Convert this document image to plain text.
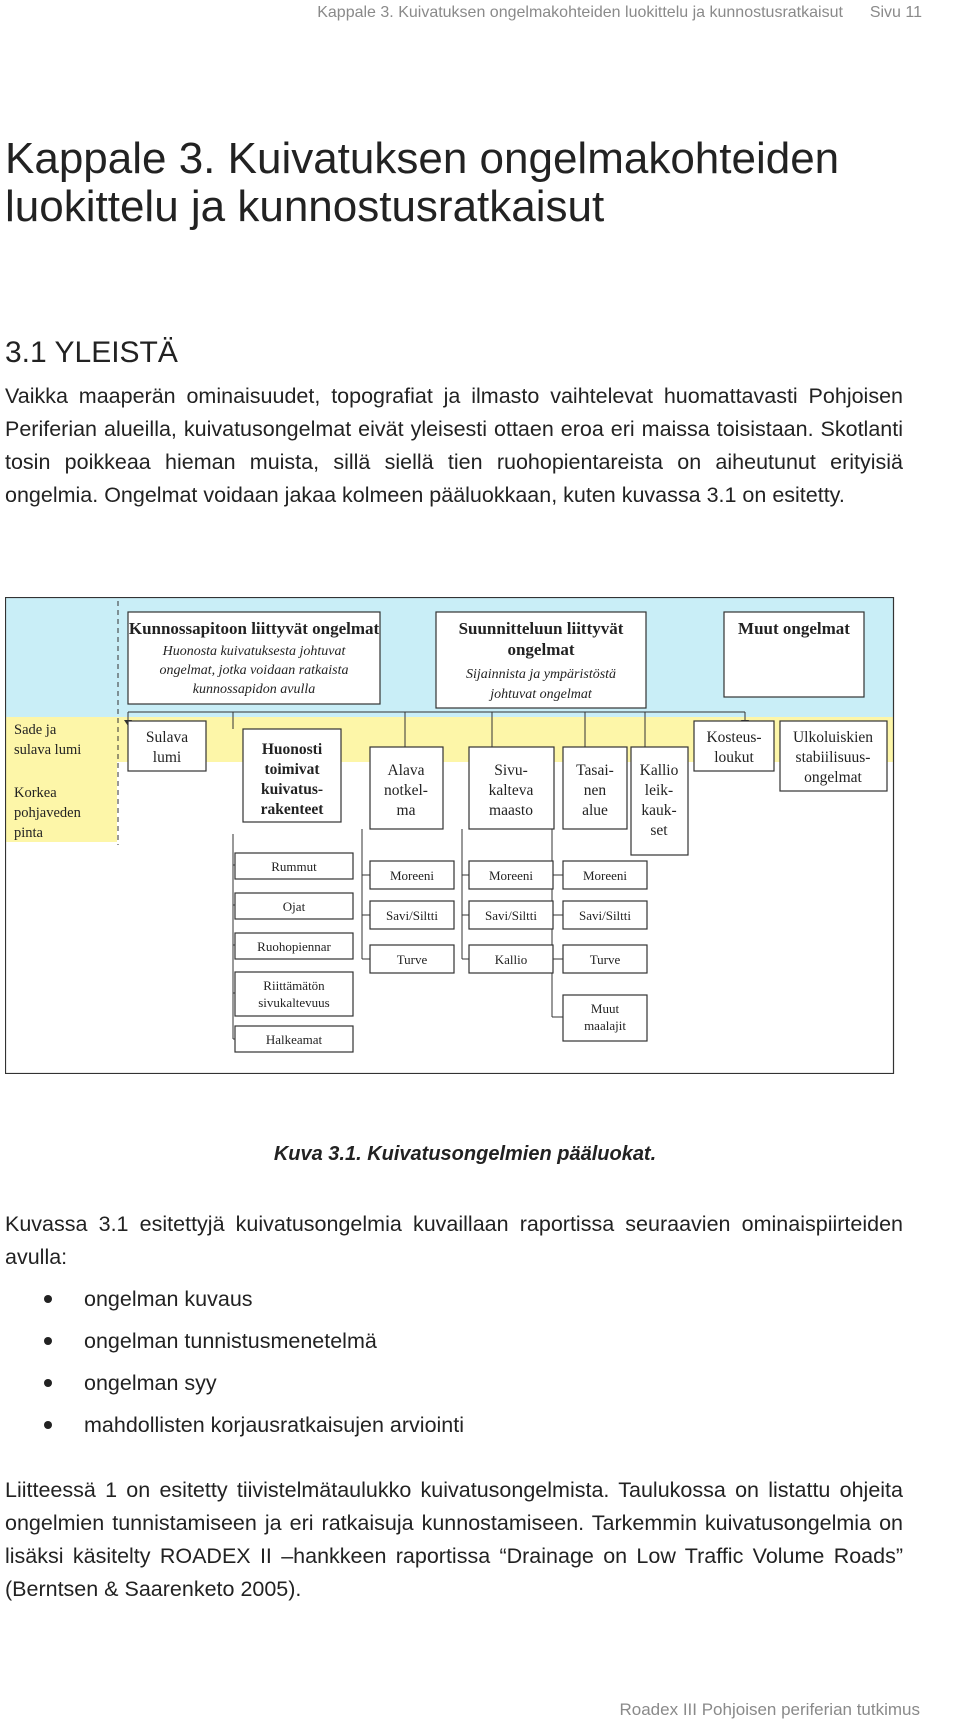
Kappale 3. Kuivatuksen ongelmakohteiden luokittelu ja kunnostusratkaisut Sivu 11
Kappale 3. Kuivatuksen ongelmakohteiden
luokittelu ja kunnostusratkaisut
3.1 YLEISTÄ
Vaikka maaperän ominaisuudet, topografiat ja ilmasto vaihtelevat huomattavasti Pohjoisen Periferian alueilla, kuivatusongelmat eivät yleisesti ottaen eroa eri maissa toisistaan. Skotlanti tosin poikkeaa hieman muista, sillä siellä tien ruohopientareista on aiheutunut erityisiä ongelmia. Ongelmat voidaan jakaa kolmeen pääluokkaan, kuten kuvassa 3.1 on esitetty.
Sade ja
sulava lumi
Korkea
pohjaveden
pinta
Kunnossapitoon liittyvät ongelmat
Huonosta kuivatuksesta johtuvat
ongelmat, jotka voidaan ratkaista
kunnossapidon avulla
Suunnitteluun liittyvät
ongelmat
Sijainnista ja ympäristöstä
johtuvat ongelmat
Muut ongelmat
Sulava
lumi	Huonosti
toimivat
kuivatus-
rakenteet
Alava
notkel-
ma
Sivu-
kalteva
maasto
Tasai-
nen
alue
Kallio
leik-
kauk-
set
Kosteus-
loukut
Ulkoluiskien
stabiilisuus-
ongelmat
Rummut
Ojat
Ruohopiennar
Riittämätön
sivukaltevuus
Halkeamat
Moreeni
Savi/Siltti
Turve
Moreeni
Savi/Siltti
Kallio
Moreeni
Savi/Siltti
Turve
Muut
maalajit
Kuva 3.1. Kuivatusongelmien pääluokat.
Kuvassa 3.1 esitettyjä kuivatusongelmia kuvaillaan raportissa seuraavien ominaispiirteiden avulla:
ongelman kuvaus
ongelman tunnistusmenetelmä
ongelman syy
mahdollisten korjausratkaisujen arviointi
Liitteessä 1 on esitetty tiivistelmätaulukko kuivatusongelmista. Taulukossa on listattu ohjeita ongelmien tunnistamiseen ja eri ratkaisuja kunnostamiseen. Tarkemmin kuivatusongelmia on lisäksi käsitelty ROADEX II –hankkeen raportissa “Drainage on Low Traffic Volume Roads” (Berntsen & Saarenketo 2005).
Roadex III Pohjoisen periferian tutkimus
